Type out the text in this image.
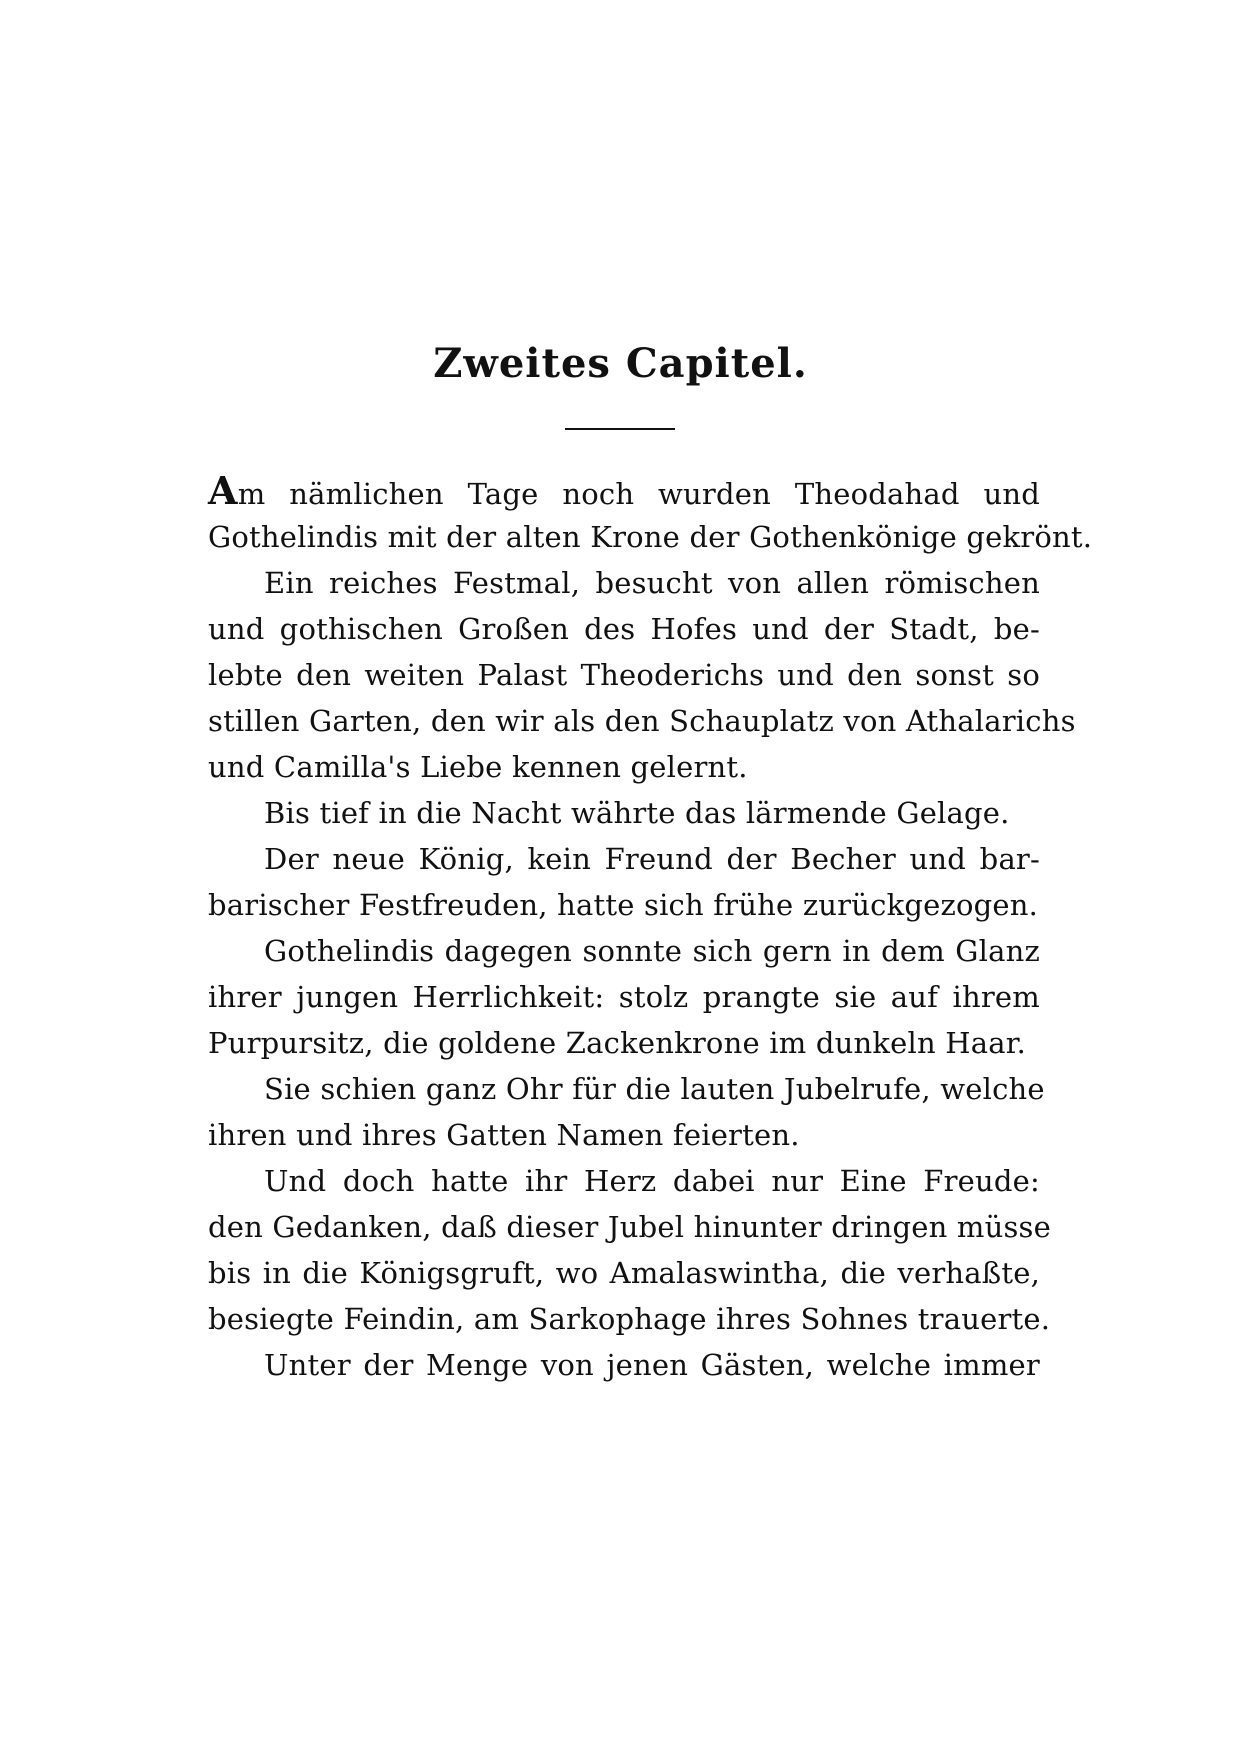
Zweites Capitel.
Am nämlichen Tage noch wurden Theodahad und
Gothelindis mit der alten Krone der Gothenkönige gekrönt.
Ein reiches Festmal, besucht von allen römischen
und gothischen Großen des Hofes und der Stadt, be-
lebte den weiten Palast Theoderichs und den sonst so
stillen Garten, den wir als den Schauplatz von Athalarichs
und Camilla's Liebe kennen gelernt.
Bis tief in die Nacht währte das lärmende Gelage.
Der neue König, kein Freund der Becher und bar-
barischer Festfreuden, hatte sich frühe zurückgezogen.
Gothelindis dagegen sonnte sich gern in dem Glanz
ihrer jungen Herrlichkeit: stolz prangte sie auf ihrem
Purpursitz, die goldene Zackenkrone im dunkeln Haar.
Sie schien ganz Ohr für die lauten Jubelrufe, welche
ihren und ihres Gatten Namen feierten.
Und doch hatte ihr Herz dabei nur Eine Freude:
den Gedanken, daß dieser Jubel hinunter dringen müsse
bis in die Königsgruft, wo Amalaswintha, die verhaßte,
besiegte Feindin, am Sarkophage ihres Sohnes trauerte.
Unter der Menge von jenen Gästen, welche immer
